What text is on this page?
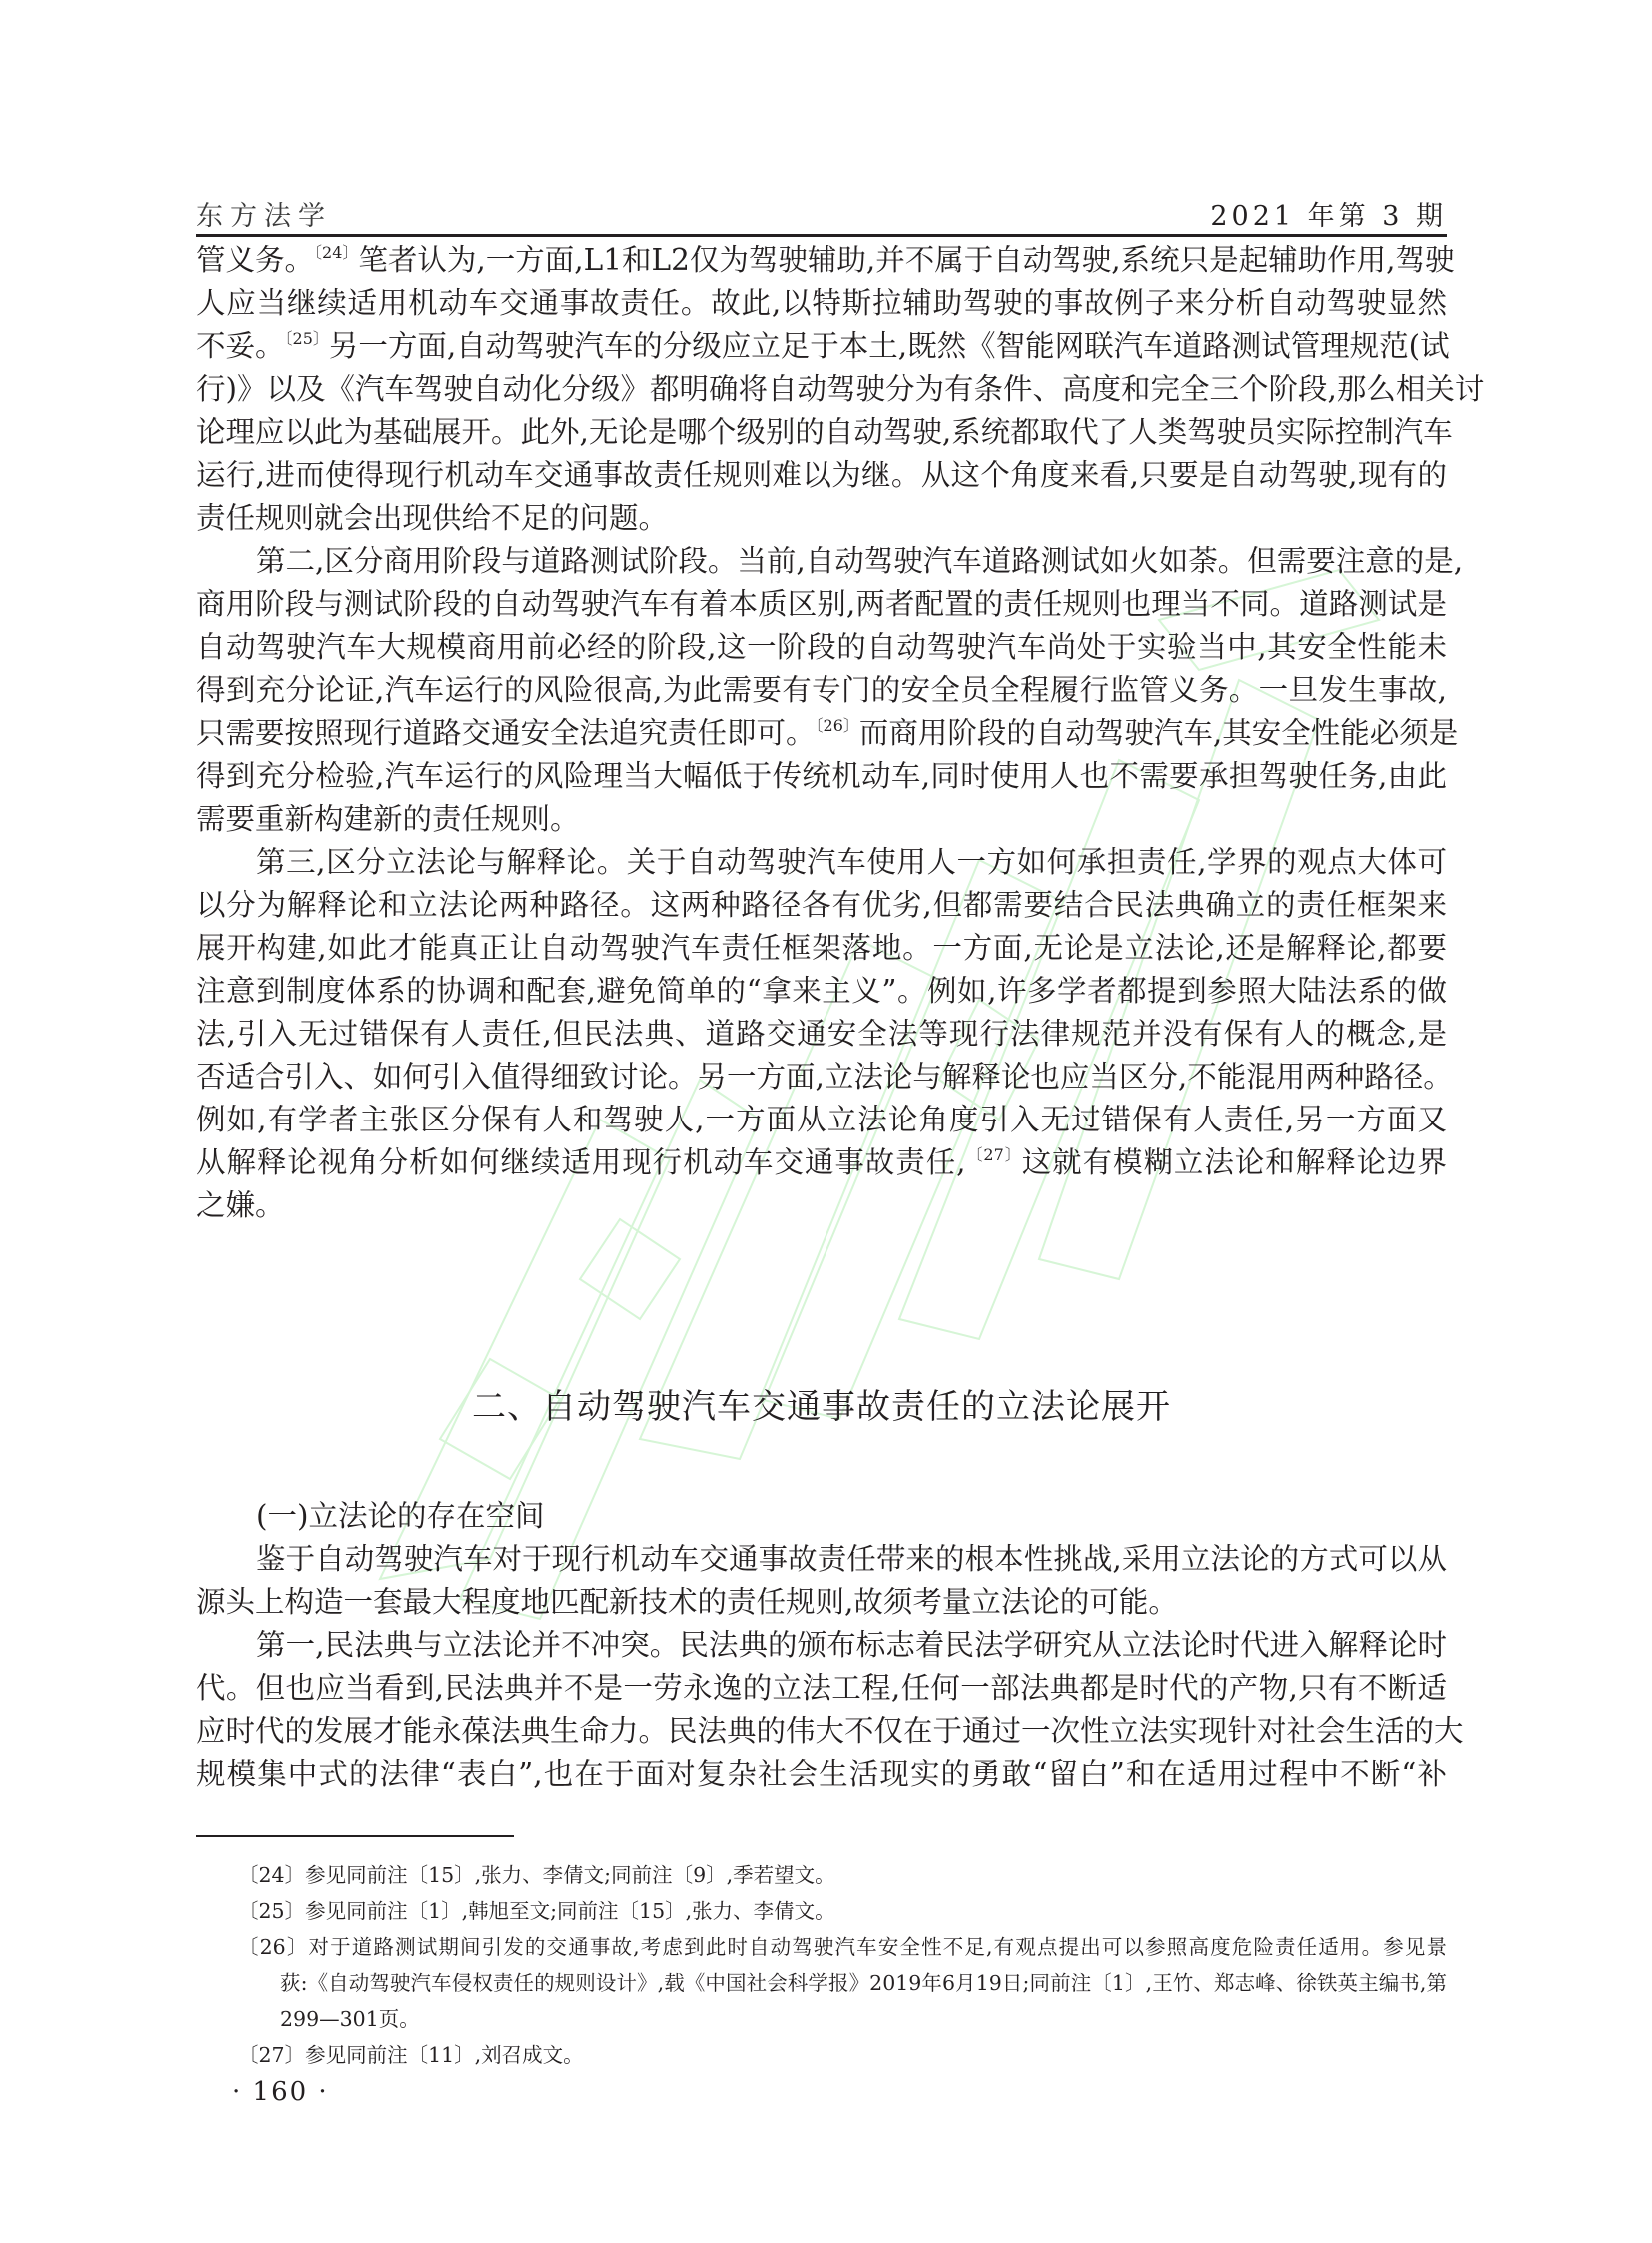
东方法学	2021 年第 3 期
管义务。$^{〔24〕}$笔者认为,一方面,L1和L2仅为驾驶辅助,并不属于自动驾驶,系统只是起辅助作用,驾驶
人应当继续适用机动车交通事故责任。故此,以特斯拉辅助驾驶的事故例子来分析自动驾驶显然
不妥。$^{〔25〕}$另一方面,自动驾驶汽车的分级应立足于本土,既然《智能网联汽车道路测试管理规范(试
行)》以及《汽车驾驶自动化分级》都明确将自动驾驶分为有条件、高度和完全三个阶段,那么相关讨
论理应以此为基础展开。此外,无论是哪个级别的自动驾驶,系统都取代了人类驾驶员实际控制汽车
运行,进而使得现行机动车交通事故责任规则难以为继。从这个角度来看,只要是自动驾驶,现有的
责任规则就会出现供给不足的问题。
第二,区分商用阶段与道路测试阶段。当前,自动驾驶汽车道路测试如火如荼。但需要注意的是,
商用阶段与测试阶段的自动驾驶汽车有着本质区别,两者配置的责任规则也理当不同。道路测试是
自动驾驶汽车大规模商用前必经的阶段,这一阶段的自动驾驶汽车尚处于实验当中,其安全性能未
得到充分论证,汽车运行的风险很高,为此需要有专门的安全员全程履行监管义务。一旦发生事故,
只需要按照现行道路交通安全法追究责任即可。$^{〔26〕}$而商用阶段的自动驾驶汽车,其安全性能必须是
得到充分检验,汽车运行的风险理当大幅低于传统机动车,同时使用人也不需要承担驾驶任务,由此
需要重新构建新的责任规则。
第三,区分立法论与解释论。关于自动驾驶汽车使用人一方如何承担责任,学界的观点大体可
以分为解释论和立法论两种路径。这两种路径各有优劣,但都需要结合民法典确立的责任框架来
展开构建,如此才能真正让自动驾驶汽车责任框架落地。一方面,无论是立法论,还是解释论,都要
注意到制度体系的协调和配套,避免简单的“拿来主义”。例如,许多学者都提到参照大陆法系的做
法,引入无过错保有人责任,但民法典、道路交通安全法等现行法律规范并没有保有人的概念,是
否适合引入、如何引入值得细致讨论。另一方面,立法论与解释论也应当区分,不能混用两种路径。
例如,有学者主张区分保有人和驾驶人,一方面从立法论角度引入无过错保有人责任,另一方面又
从解释论视角分析如何继续适用现行机动车交通事故责任,$^{〔27〕}$这就有模糊立法论和解释论边界
之嫌。
二、自动驾驶汽车交通事故责任的立法论展开
(一)立法论的存在空间
鉴于自动驾驶汽车对于现行机动车交通事故责任带来的根本性挑战,采用立法论的方式可以从
源头上构造一套最大程度地匹配新技术的责任规则,故须考量立法论的可能。
第一,民法典与立法论并不冲突。民法典的颁布标志着民法学研究从立法论时代进入解释论时
代。但也应当看到,民法典并不是一劳永逸的立法工程,任何一部法典都是时代的产物,只有不断适
应时代的发展才能永葆法典生命力。民法典的伟大不仅在于通过一次性立法实现针对社会生活的大
规模集中式的法律“表白”,也在于面对复杂社会生活现实的勇敢“留白”和在适用过程中不断“补
〔24〕参见同前注〔15〕,张力、李倩文;同前注〔9〕,季若望文。
〔25〕参见同前注〔1〕,韩旭至文;同前注〔15〕,张力、李倩文。
〔26〕对于道路测试期间引发的交通事故,考虑到此时自动驾驶汽车安全性不足,有观点提出可以参照高度危险责任适用。参见景
荻:《自动驾驶汽车侵权责任的规则设计》,载《中国社会科学报》2019年6月19日;同前注〔1〕,王竹、郑志峰、徐铁英主编书,第
299—301页。
〔27〕参见同前注〔11〕,刘召成文。
· 160 ·
